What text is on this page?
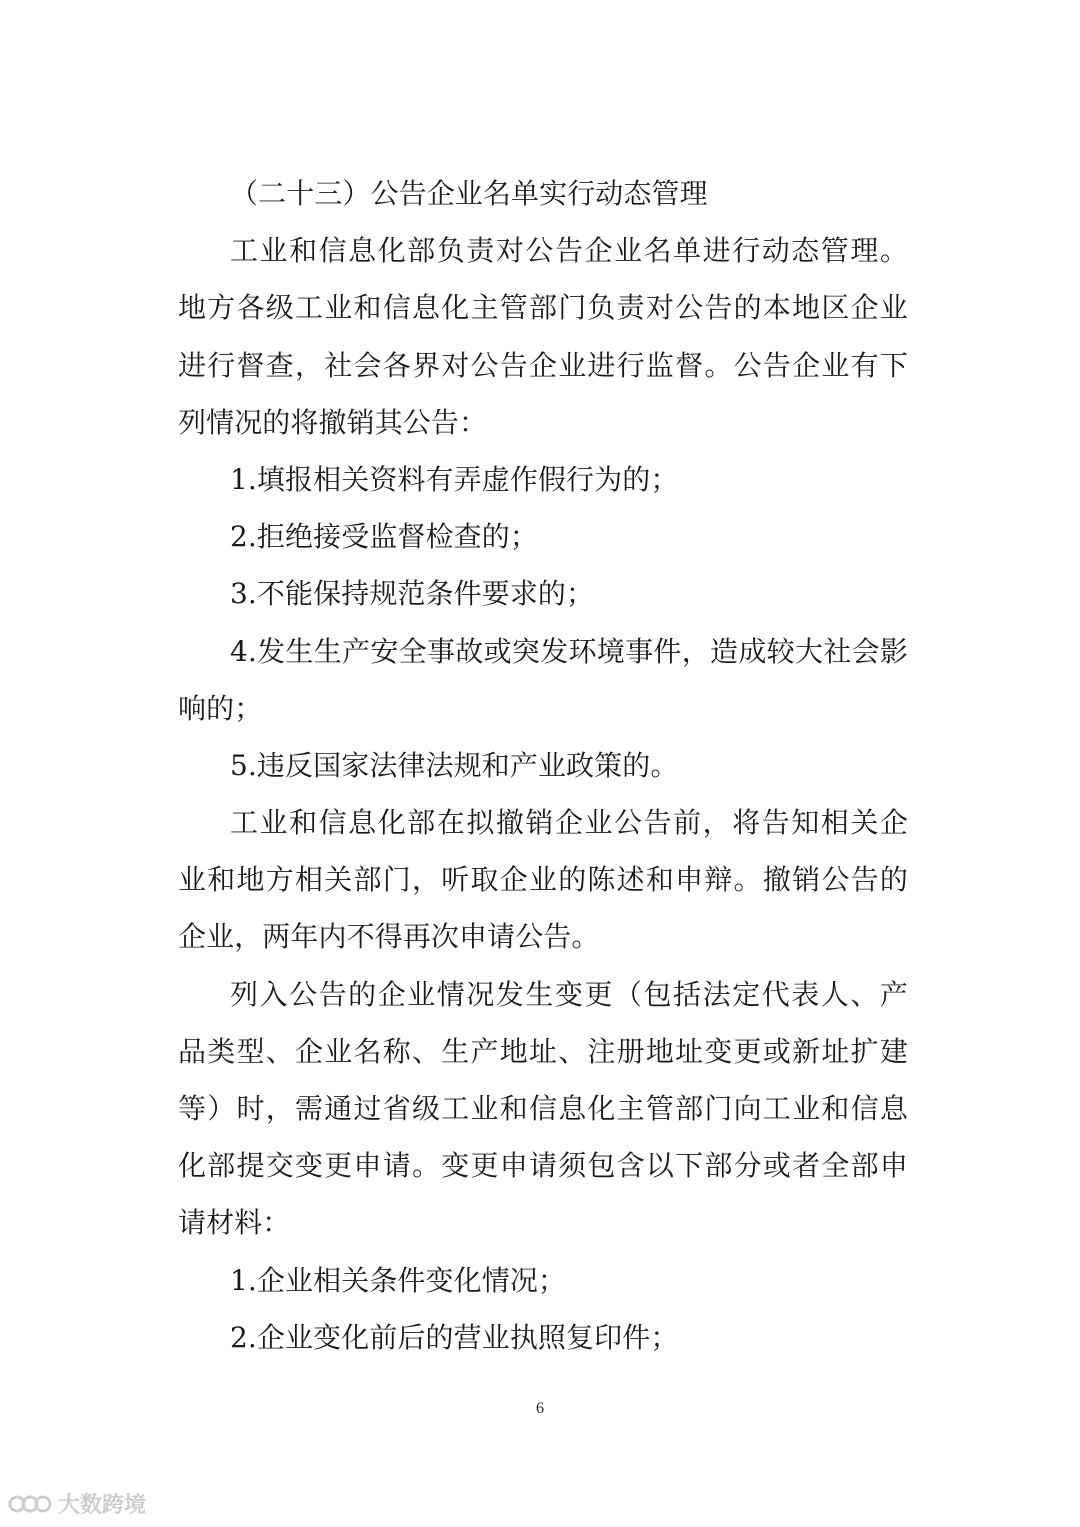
（二十三）公告企业名单实行动态管理
工业和信息化部负责对公告企业名单进行动态管理。
地方各级工业和信息化主管部门负责对公告的本地区企业
进行督查，社会各界对公告企业进行监督。公告企业有下
列情况的将撤销其公告：
1.填报相关资料有弄虚作假行为的；
2.拒绝接受监督检查的；
3.不能保持规范条件要求的；
4.发生生产安全事故或突发环境事件，造成较大社会影
响的；
5.违反国家法律法规和产业政策的。
工业和信息化部在拟撤销企业公告前，将告知相关企
业和地方相关部门，听取企业的陈述和申辩。撤销公告的
企业，两年内不得再次申请公告。
列入公告的企业情况发生变更（包括法定代表人、产
品类型、企业名称、生产地址、注册地址变更或新址扩建
等）时，需通过省级工业和信息化主管部门向工业和信息
化部提交变更申请。变更申请须包含以下部分或者全部申
请材料：
1.企业相关条件变化情况；
2.企业变化前后的营业执照复印件；
6
大数跨境
